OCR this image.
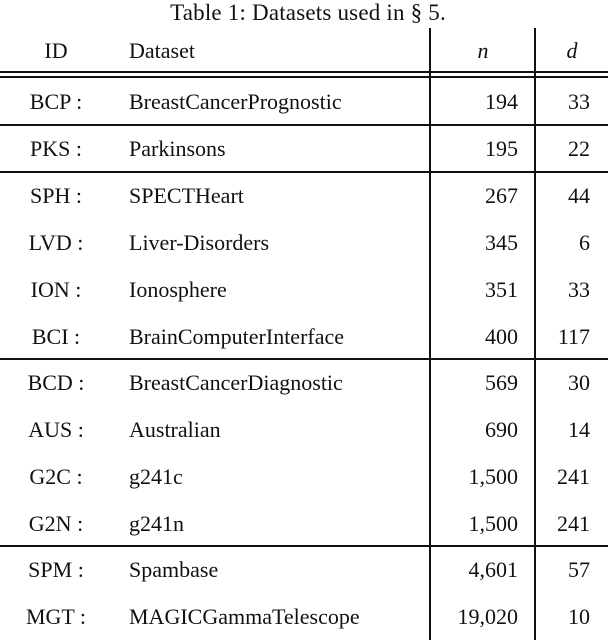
Table 1: Datasets used in § 5.
ID	Dataset	n	d
BCP :	BreastCancerPrognostic	194	33
PKS :	Parkinsons	195	22
SPH :	SPECTHeart	267	44
LVD :	Liver-Disorders	345	6
ION :	Ionosphere	351	33
BCI :	BrainComputerInterface	400	117
BCD :	BreastCancerDiagnostic	569	30
AUS :	Australian	690	14
G2C :	g241c	1,500	241
G2N :	g241n	1,500	241
SPM :	Spambase	4,601	57
MGT :	MAGICGammaTelescope	19,020	10
